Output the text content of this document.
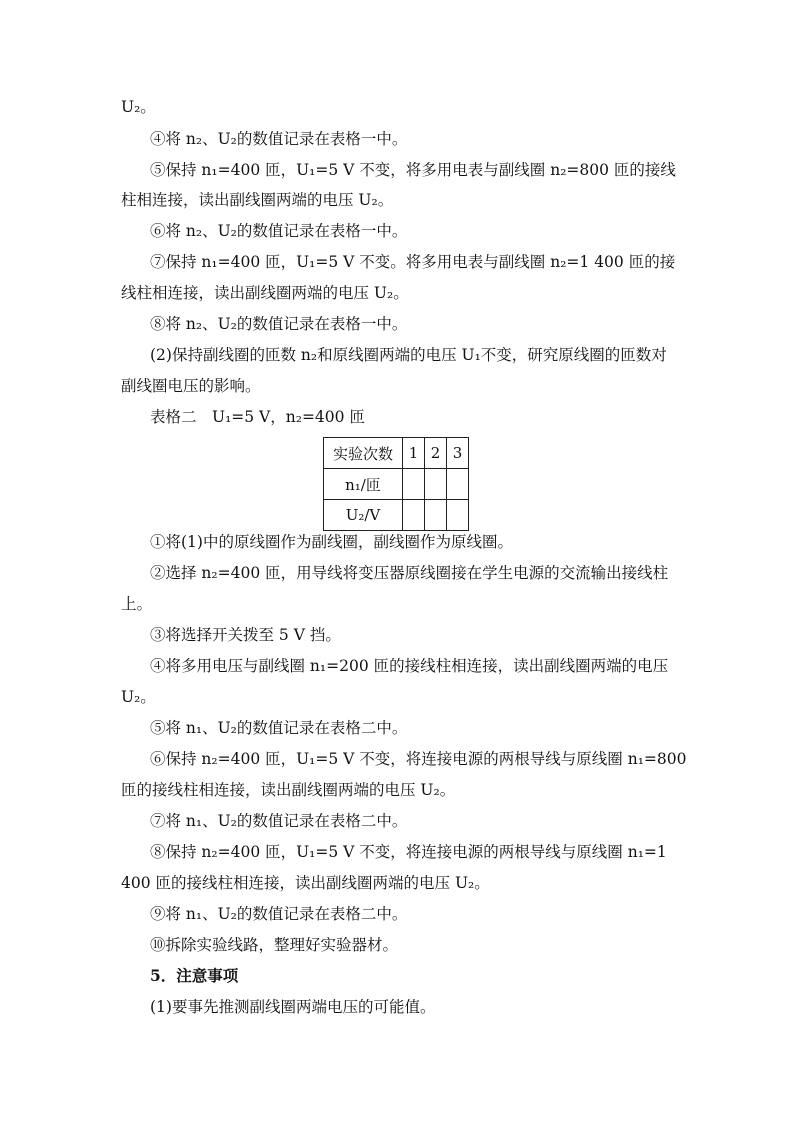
U₂。
④将 n₂、U₂的数值记录在表格一中。
⑤保持 n₁=400 匝，U₁=5 V 不变，将多用电表与副线圈 n₂=800 匝的接线
柱相连接，读出副线圈两端的电压 U₂。
⑥将 n₂、U₂的数值记录在表格一中。
⑦保持 n₁=400 匝，U₁=5 V 不变。将多用电表与副线圈 n₂=1 400 匝的接
线柱相连接，读出副线圈两端的电压 U₂。
⑧将 n₂、U₂的数值记录在表格一中。
(2)保持副线圈的匝数 n₂和原线圈两端的电压 U₁不变，研究原线圈的匝数对
副线圈电压的影响。
表格二　U₁=5 V，n₂=400 匝
实验次数	1	2	3
n₁/匝			
U₂/V			
①将(1)中的原线圈作为副线圈，副线圈作为原线圈。
②选择 n₂=400 匝，用导线将变压器原线圈接在学生电源的交流输出接线柱
上。
③将选择开关拨至 5 V 挡。
④将多用电压与副线圈 n₁=200 匝的接线柱相连接，读出副线圈两端的电压
U₂。
⑤将 n₁、U₂的数值记录在表格二中。
⑥保持 n₂=400 匝，U₁=5 V 不变，将连接电源的两根导线与原线圈 n₁=800
匝的接线柱相连接，读出副线圈两端的电压 U₂。
⑦将 n₁、U₂的数值记录在表格二中。
⑧保持 n₂=400 匝，U₁=5 V 不变，将连接电源的两根导线与原线圈 n₁=1
400 匝的接线柱相连接，读出副线圈两端的电压 U₂。
⑨将 n₁、U₂的数值记录在表格二中。
⑩拆除实验线路，整理好实验器材。
5．注意事项
(1)要事先推测副线圈两端电压的可能值。
